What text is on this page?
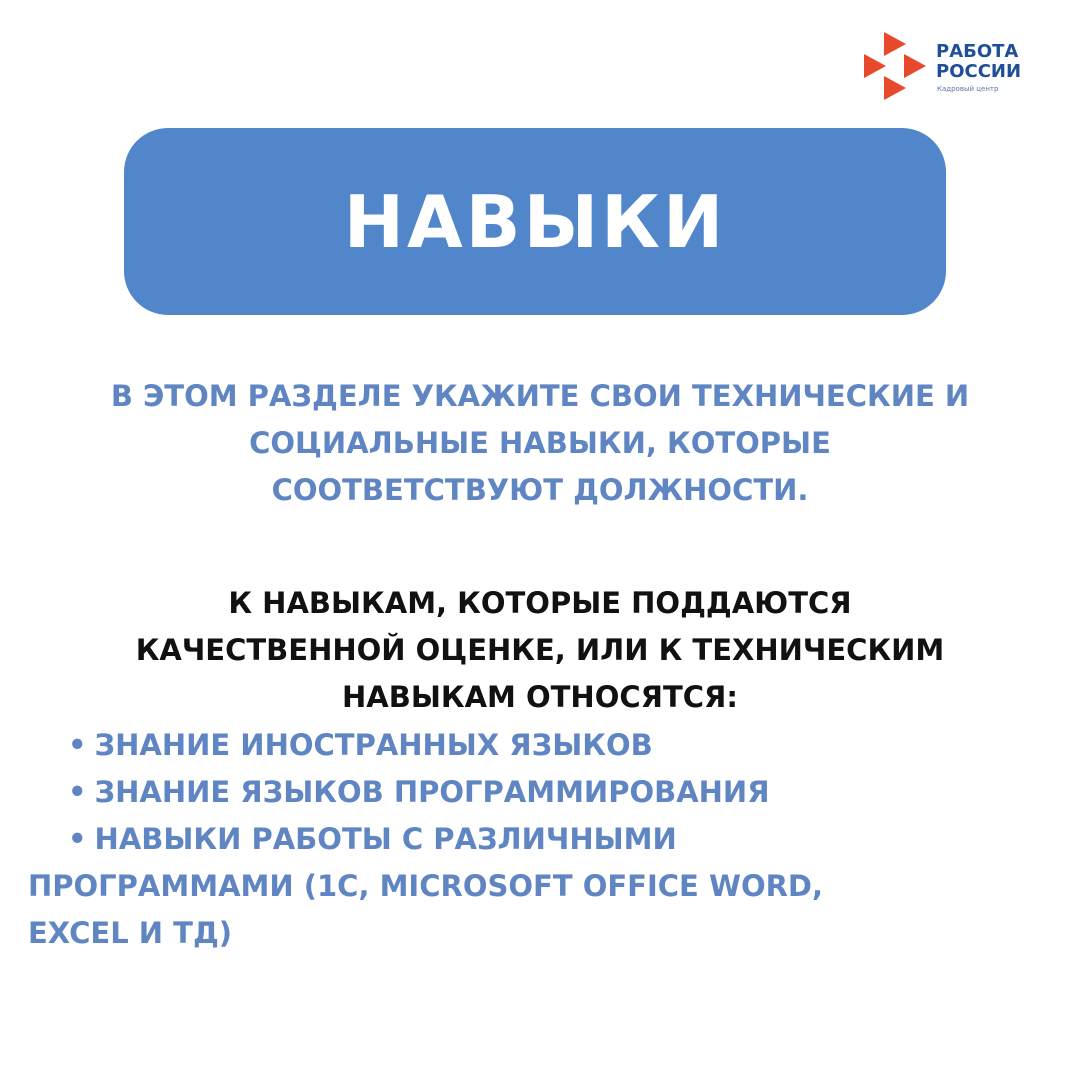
РАБОТА
РОССИИ
Кадровый центр
НАВЫКИ
В ЭТОМ РАЗДЕЛЕ УКАЖИТЕ СВОИ ТЕХНИЧЕСКИЕ И
СОЦИАЛЬНЫЕ НАВЫКИ, КОТОРЫЕ
СООТВЕТСТВУЮТ ДОЛЖНОСТИ.
К НАВЫКАМ, КОТОРЫЕ ПОДДАЮТСЯ
КАЧЕСТВЕННОЙ ОЦЕНКЕ, ИЛИ К ТЕХНИЧЕСКИМ
НАВЫКАМ ОТНОСЯТСЯ:
• ЗНАНИЕ ИНОСТРАННЫХ ЯЗЫКОВ
• ЗНАНИЕ ЯЗЫКОВ ПРОГРАММИРОВАНИЯ
• НАВЫКИ РАБОТЫ С РАЗЛИЧНЫМИ
ПРОГРАММАМИ (1С, MICROSOFT OFFICE WORD,
EXCEL И ТД)
